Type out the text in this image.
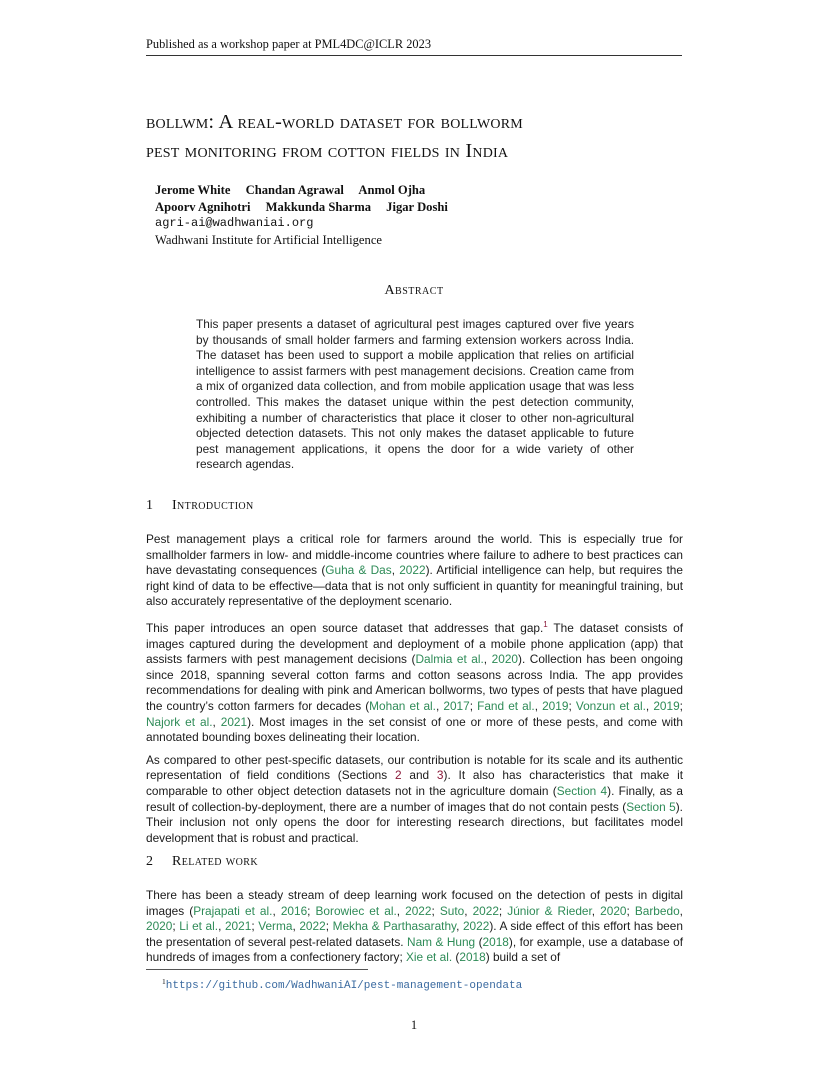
Published as a workshop paper at PML4DC@ICLR 2023
bollwm: A real-world dataset for bollworm
pest monitoring from cotton fields in India
Jerome White Chandan Agrawal Anmol Ojha
Apoorv Agnihotri Makkunda Sharma Jigar Doshi
agri-ai@wadhwaniai.org
Wadhwani Institute for Artificial Intelligence
Abstract
This paper presents a dataset of agricultural pest images captured over five years by thousands of small holder farmers and farming extension workers across India. The dataset has been used to support a mobile application that relies on artificial intelligence to assist farmers with pest management decisions. Creation came from a mix of organized data collection, and from mobile application usage that was less controlled. This makes the dataset unique within the pest detection community, exhibiting a number of characteristics that place it closer to other non-agricultural objected detection datasets. This not only makes the dataset applicable to future pest management applications, it opens the door for a wide variety of other research agendas.
1 Introduction

Pest management plays a critical role for farmers around the world. This is especially true for smallholder farmers in low- and middle-income countries where failure to adhere to best practices can have devastating consequences (Guha & Das, 2022). Artificial intelligence can help, but requires the right kind of data to be effective—data that is not only sufficient in quantity for meaningful training, but also accurately representative of the deployment scenario.

This paper introduces an open source dataset that addresses that gap.$^1$ The dataset consists of images captured during the development and deployment of a mobile phone application (app) that assists farmers with pest management decisions (Dalmia et al., 2020). Collection has been ongoing since 2018, spanning several cotton farms and cotton seasons across India. The app provides recommendations for dealing with pink and American bollworms, two types of pests that have plagued the country’s cotton farmers for decades (Mohan et al., 2017; Fand et al., 2019; Vonzun et al., 2019; Najork et al., 2021). Most images in the set consist of one or more of these pests, and come with annotated bounding boxes delineating their location.

As compared to other pest-specific datasets, our contribution is notable for its scale and its authentic representation of field conditions (Sections 2 and 3). It also has characteristics that make it comparable to other object detection datasets not in the agriculture domain (Section 4). Finally, as a result of collection-by-deployment, there are a number of images that do not contain pests (Section 5). Their inclusion not only opens the door for interesting research directions, but facilitates model development that is robust and practical.

2 Related work

There has been a steady stream of deep learning work focused on the detection of pests in digital images (Prajapati et al., 2016; Borowiec et al., 2022; Suto, 2022; Júnior & Rieder, 2020; Barbedo, 2020; Li et al., 2021; Verma, 2022; Mekha & Parthasarathy, 2022). A side effect of this effort has been the presentation of several pest-related datasets. Nam & Hung (2018), for example, use a database of hundreds of images from a confectionery factory; Xie et al. (2018) build a set of

$^1$https://github.com/WadhwaniAI/pest-management-opendata
1
